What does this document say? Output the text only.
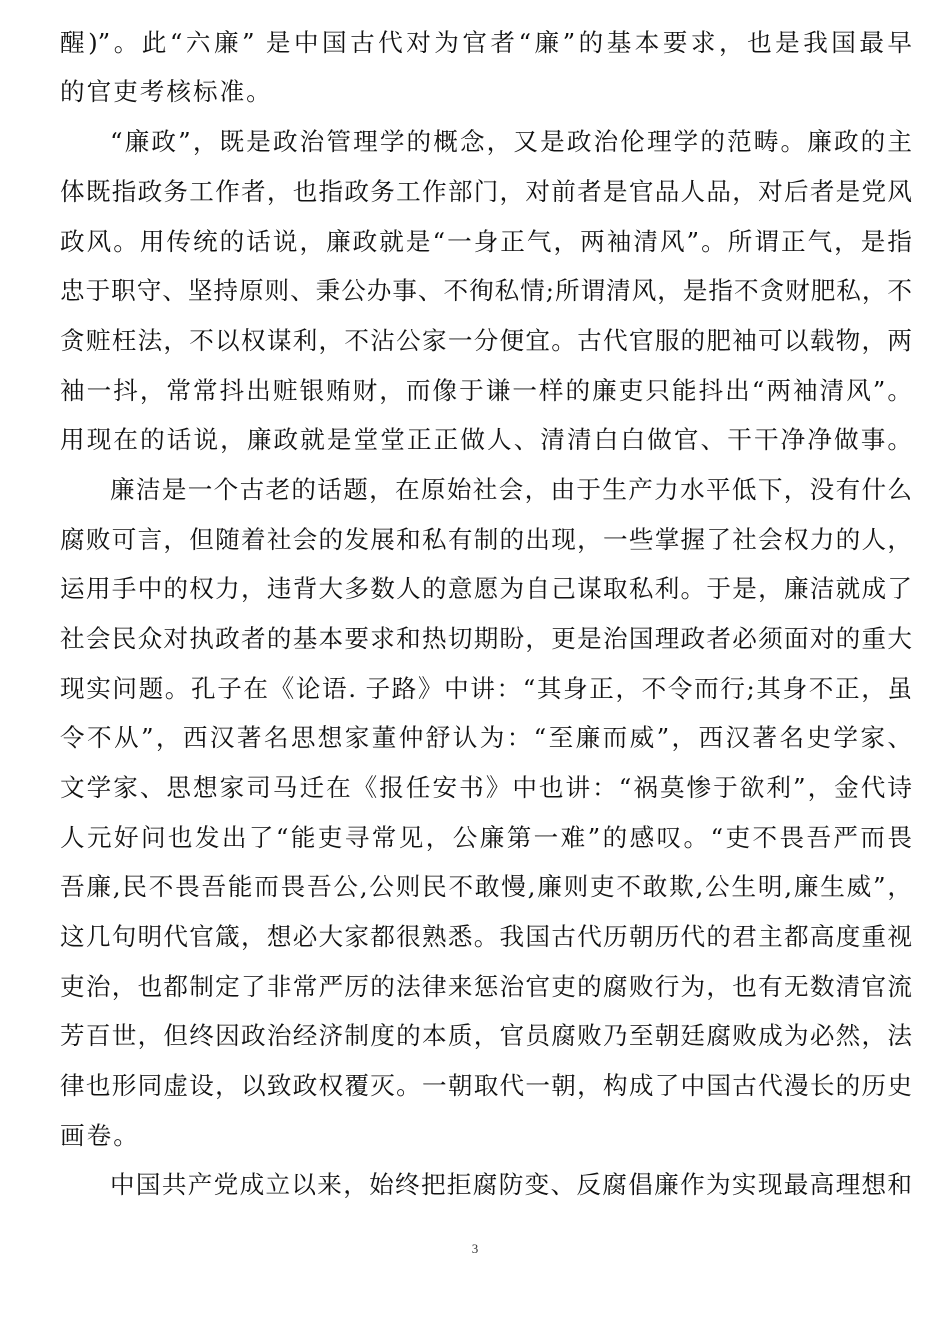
醒)”。此“六廉” 是中国古代对为官者“廉”的基本要求，也是我国最早
的官吏考核标准。
“廉政”，既是政治管理学的概念，又是政治伦理学的范畴。廉政的主
体既指政务工作者，也指政务工作部门，对前者是官品人品，对后者是党风
政风。用传统的话说，廉政就是“一身正气，两袖清风”。所谓正气，是指
忠于职守、坚持原则、秉公办事、不徇私情;所谓清风，是指不贪财肥私，不
贪赃枉法，不以权谋利，不沾公家一分便宜。古代官服的肥袖可以载物，两
袖一抖，常常抖出赃银贿财，而像于谦一样的廉吏只能抖出“两袖清风”。
用现在的话说，廉政就是堂堂正正做人、清清白白做官、干干净净做事。
廉洁是一个古老的话题，在原始社会，由于生产力水平低下，没有什么
腐败可言，但随着社会的发展和私有制的出现，一些掌握了社会权力的人，
运用手中的权力，违背大多数人的意愿为自己谋取私利。于是，廉洁就成了
社会民众对执政者的基本要求和热切期盼，更是治国理政者必须面对的重大
现实问题。孔子在《论语. 子路》中讲：“其身正，不令而行;其身不正，虽
令不从”，西汉著名思想家董仲舒认为：“至廉而威”，西汉著名史学家、
文学家、思想家司马迁在《报任安书》中也讲：“祸莫惨于欲利”，金代诗
人元好问也发出了“能吏寻常见，公廉第一难”的感叹。“吏不畏吾严而畏
吾廉,民不畏吾能而畏吾公,公则民不敢慢,廉则吏不敢欺,公生明,廉生威”，
这几句明代官箴，想必大家都很熟悉。我国古代历朝历代的君主都高度重视
吏治，也都制定了非常严厉的法律来惩治官吏的腐败行为，也有无数清官流
芳百世，但终因政治经济制度的本质，官员腐败乃至朝廷腐败成为必然，法
律也形同虚设，以致政权覆灭。一朝取代一朝，构成了中国古代漫长的历史
画卷。
中国共产党成立以来，始终把拒腐防变、反腐倡廉作为实现最高理想和
3
